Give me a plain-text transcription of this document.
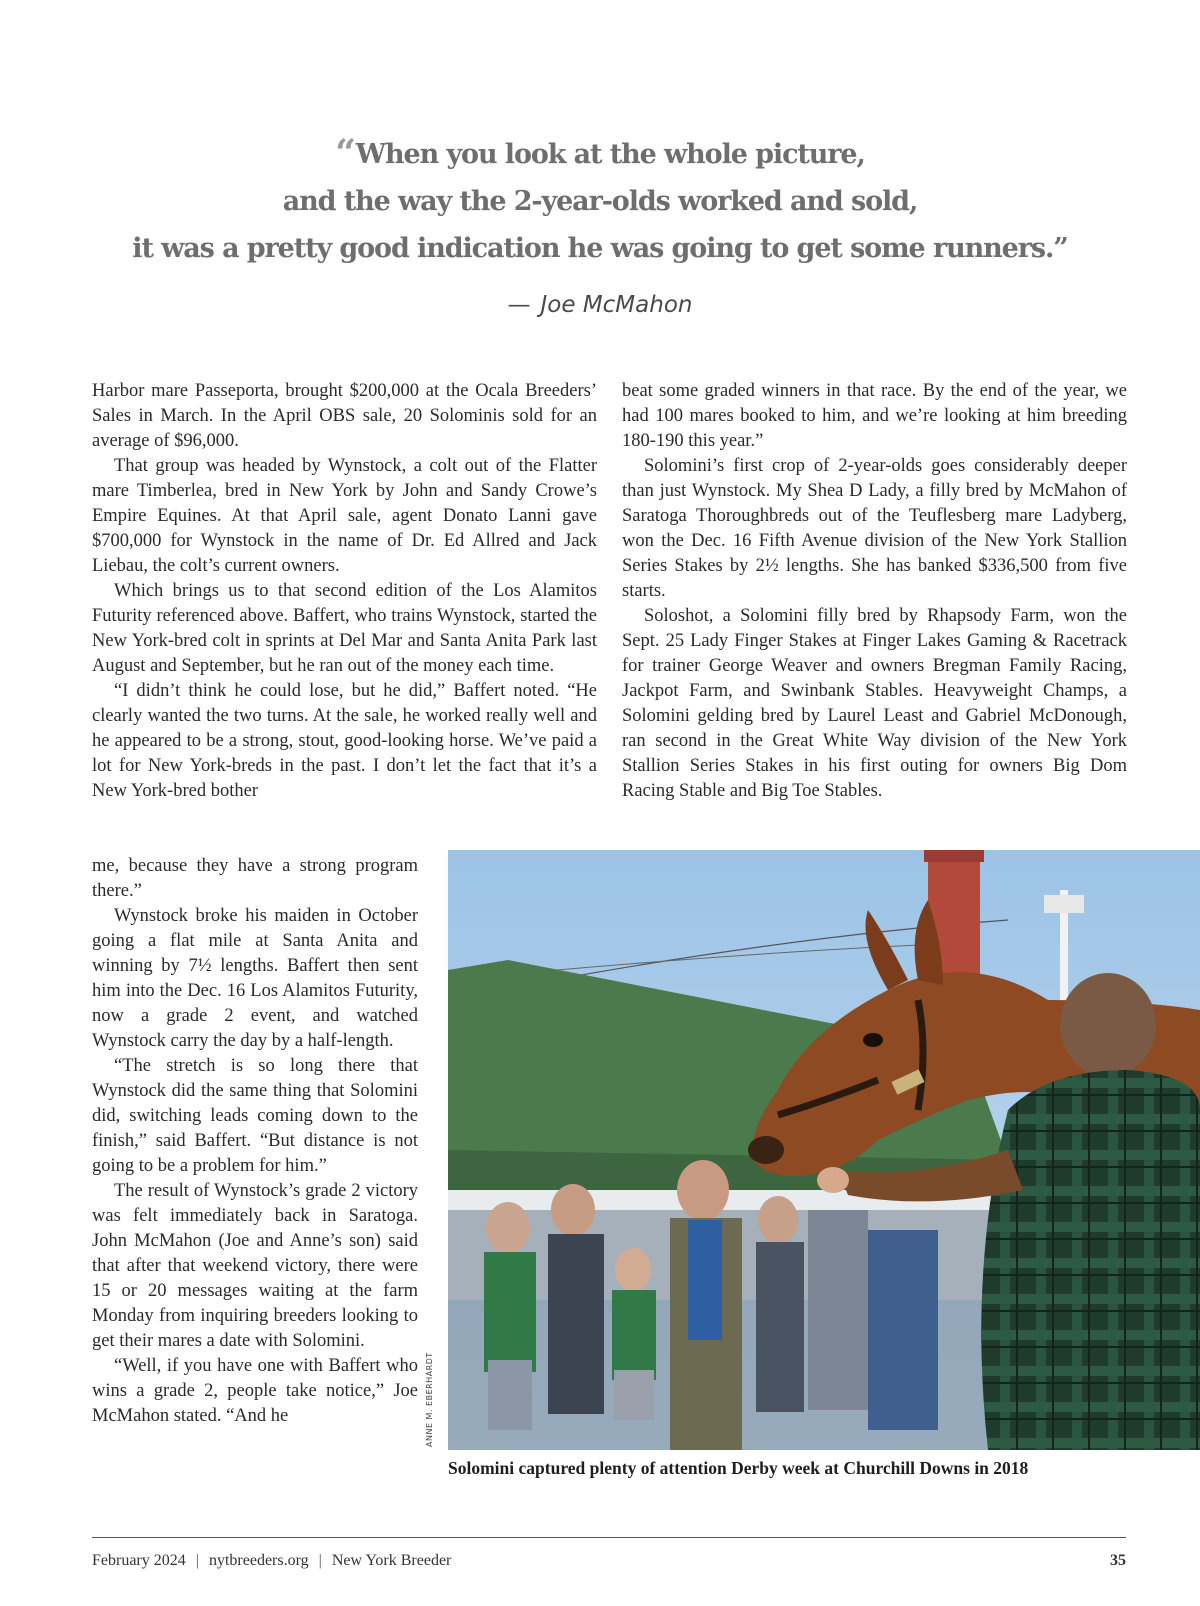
“When you look at the whole picture,
and the way the 2-year-olds worked and sold,
it was a pretty good indication he was going to get some runners.”
— Joe McMahon

Harbor mare Passeporta, brought $200,000 at the Ocala Breeders’ Sales in March. In the April OBS sale, 20 Solominis sold for an average of $96,000.

That group was headed by Wynstock, a colt out of the Flatter mare Timberlea, bred in New York by John and Sandy Crowe’s Empire Equines. At that April sale, agent Donato Lanni gave $700,000 for Wynstock in the name of Dr. Ed Allred and Jack Liebau, the colt’s current owners.

Which brings us to that second edition of the Los Alamitos Futurity referenced above. Baffert, who trains Wynstock, started the New York-bred colt in sprints at Del Mar and Santa Anita Park last August and September, but he ran out of the money each time.

“I didn’t think he could lose, but he did,” Baffert noted. “He clearly wanted the two turns. At the sale, he worked really well and he appeared to be a strong, stout, good-looking horse. We’ve paid a lot for New York-breds in the past. I don’t let the fact that it’s a New York-bred bother

me, because they have a strong program there.”

Wynstock broke his maiden in October going a flat mile at Santa Anita and winning by 7½ lengths. Baffert then sent him into the Dec. 16 Los Alamitos Futurity, now a grade 2 event, and watched Wynstock carry the day by a half-length.

“The stretch is so long there that Wynstock did the same thing that Solomini did, switching leads coming down to the finish,” said Baffert. “But distance is not going to be a problem for him.”

The result of Wynstock’s grade 2 victory was felt immediately back in Saratoga. John McMahon (Joe and Anne’s son) said that after that weekend victory, there were 15 or 20 messages waiting at the farm Monday from inquiring breeders looking to get their mares a date with Solomini.

“Well, if you have one with Baffert who wins a grade 2, people take notice,” Joe McMahon stated. “And he

beat some graded winners in that race. By the end of the year, we had 100 mares booked to him, and we’re looking at him breeding 180-190 this year.”

Solomini’s first crop of 2-year-olds goes considerably deeper than just Wynstock. My Shea D Lady, a filly bred by McMahon of Saratoga Thoroughbreds out of the Teuflesberg mare Ladyberg, won the Dec. 16 Fifth Avenue division of the New York Stallion Series Stakes by 2½ lengths. She has banked $336,500 from five starts.

Soloshot, a Solomini filly bred by Rhapsody Farm, won the Sept. 25 Lady Finger Stakes at Finger Lakes Gaming & Racetrack for trainer George Weaver and owners Bregman Family Racing, Jackpot Farm, and Swinbank Stables. Heavyweight Champs, a Solomini gelding bred by Laurel Least and Gabriel McDonough, ran second in the Great White Way division of the New York Stallion Series Stakes in his first outing for owners Big Dom Racing Stable and Big Toe Stables.

ANNE M. EBERHARDT
Solomini captured plenty of attention Derby week at Churchill Downs in 2018
February 2024 | nytbreeders.org | New York Breeder	35
